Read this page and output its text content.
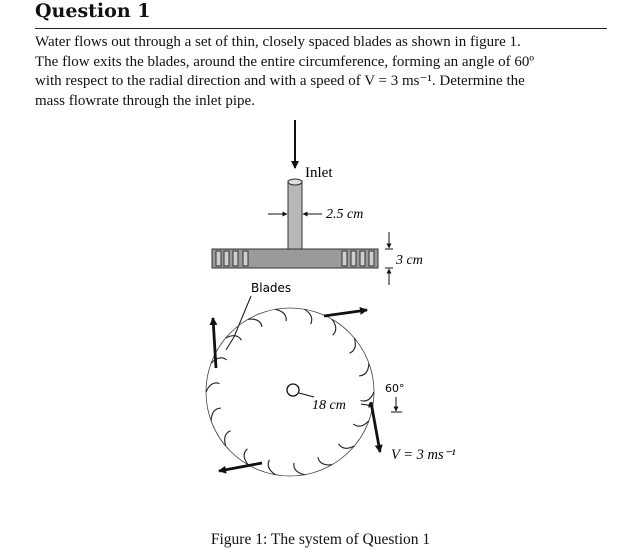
Question 1
Water flows out through a set of thin, closely spaced blades as shown in figure 1.
The flow exits the blades, around the entire circumference, forming an angle of 60º
with respect to the radial direction and with a speed of V = 3 ms⁻¹. Determine the
mass flowrate through the inlet pipe.
Inlet
2.5 cm
3 cm
Blades
18 cm
60°
V = 3 ms⁻¹
Figure 1: The system of Question 1
